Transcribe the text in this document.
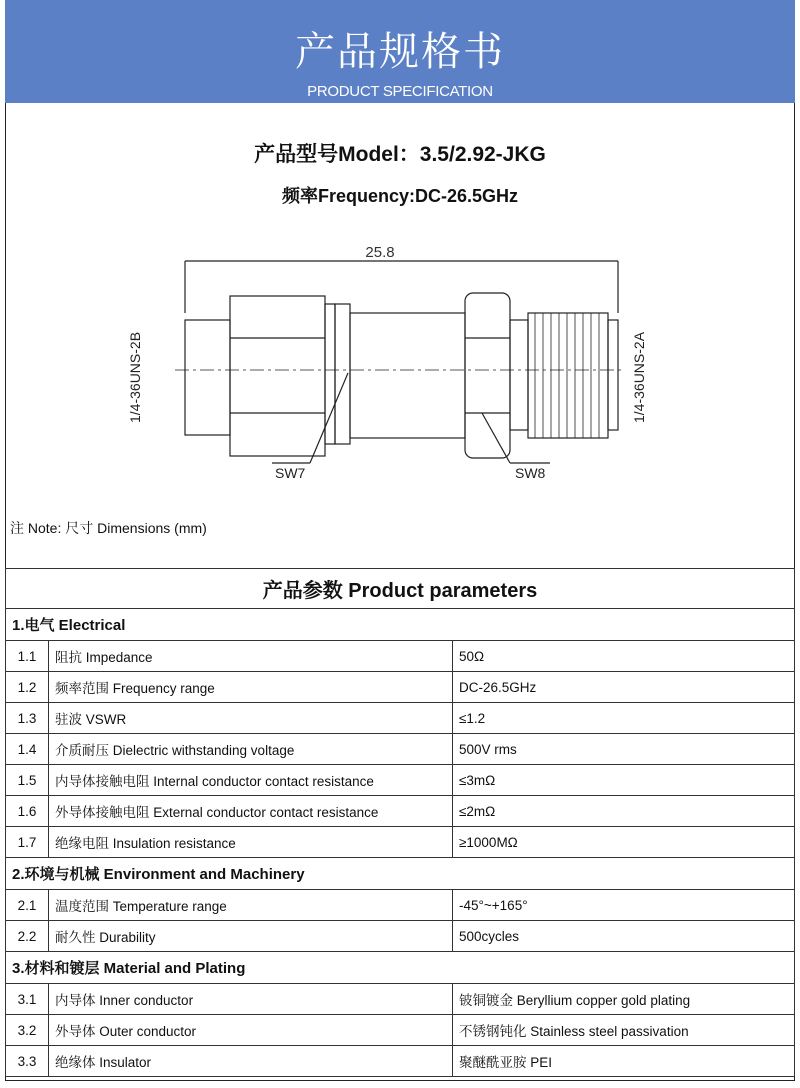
产品规格书
PRODUCT SPECIFICATION
产品型号Model：3.5/2.92-JKG
频率Frequency:DC-26.5GHz
25.8
SW7	SW8
1/4-36UNS-2B	1/4-36UNS-2A
注 Note: 尺寸 Dimensions (mm)
产品参数 Product parameters		
1.电气 Electrical		
1.1	阻抗 Impedance	50Ω
1.2	频率范围 Frequency range	DC-26.5GHz
1.3	驻波 VSWR	≤1.2
1.4	介质耐压 Dielectric withstanding voltage	500V rms
1.5	内导体接触电阻 Internal conductor contact resistance	≤3mΩ
1.6	外导体接触电阻 External conductor contact resistance	≤2mΩ
1.7	绝缘电阻 Insulation resistance	≥1000MΩ
2.环境与机械 Environment and Machinery		
2.1	温度范围 Temperature range	-45°~+165°
2.2	耐久性 Durability	500cycles
3.材料和镀层 Material and Plating		
3.1	内导体 Inner conductor	铍铜镀金 Beryllium copper gold plating
3.2	外导体 Outer conductor	不锈钢钝化 Stainless steel passivation
3.3	绝缘体 Insulator	聚醚酰亚胺 PEI
